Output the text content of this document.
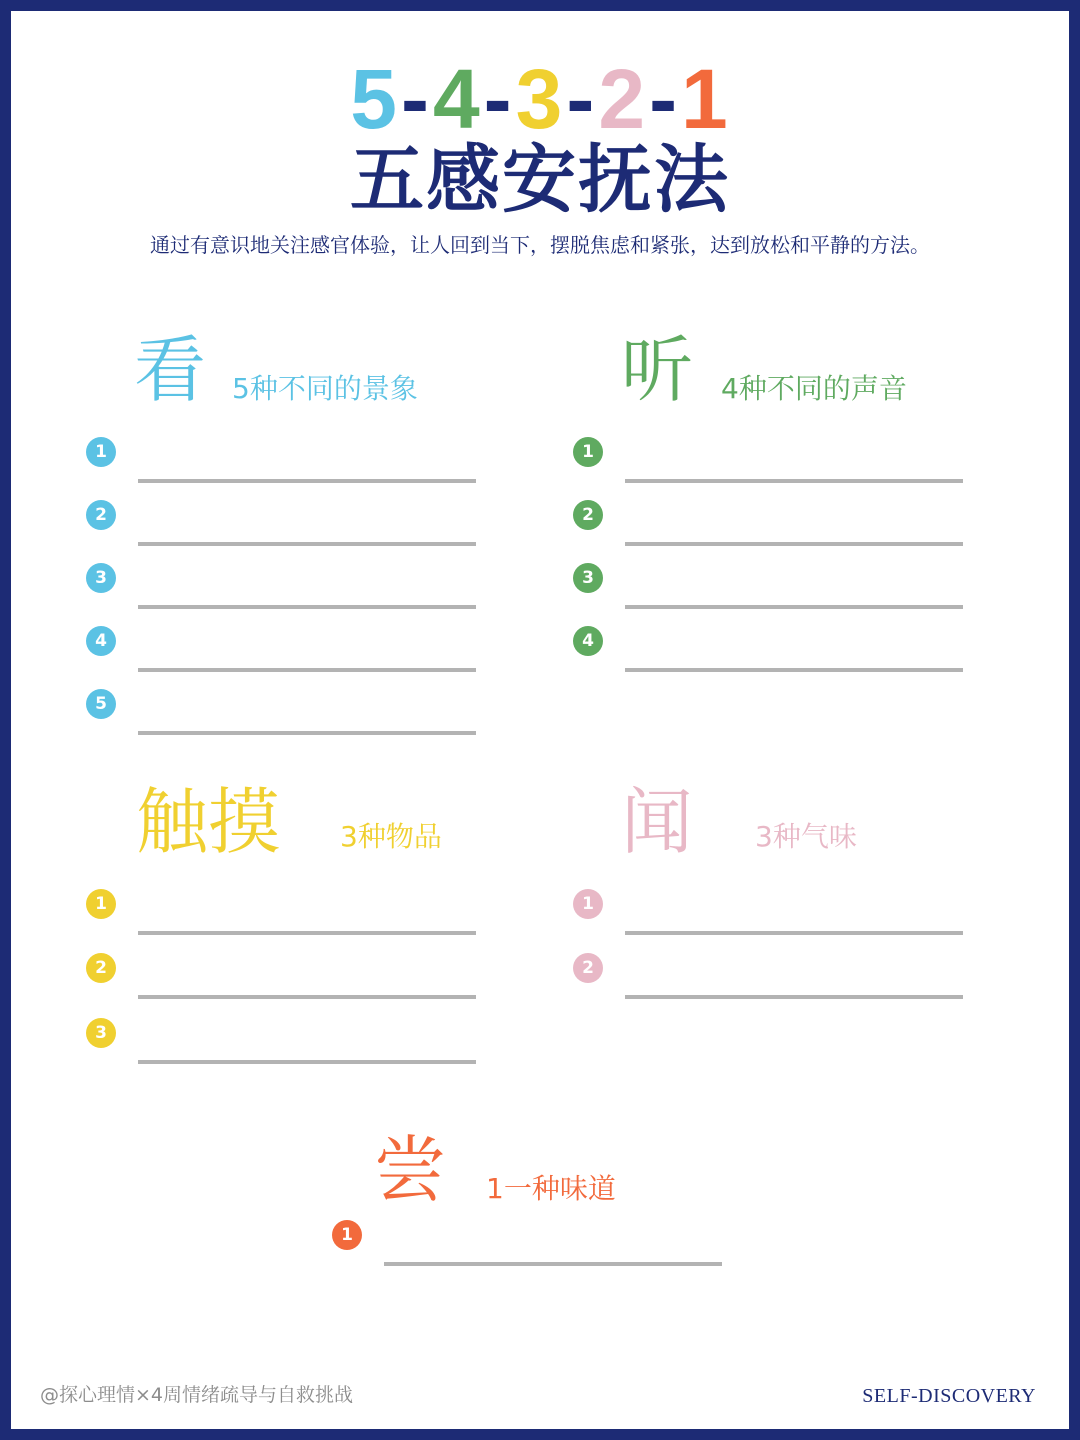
5-4-3-2-1
五感安抚法
通过有意识地关注感官体验，让人回到当下，摆脱焦虑和紧张，达到放松和平静的方法。
看 5种不同的景象
1
2
3
4
5
听 4种不同的声音
1
2
3
4
触摸 3种物品
1
2
3
闻 3种气味
1
2
尝 1一种味道
1
@探心理情×4周情绪疏导与自救挑战	SELF-DISCOVERY
